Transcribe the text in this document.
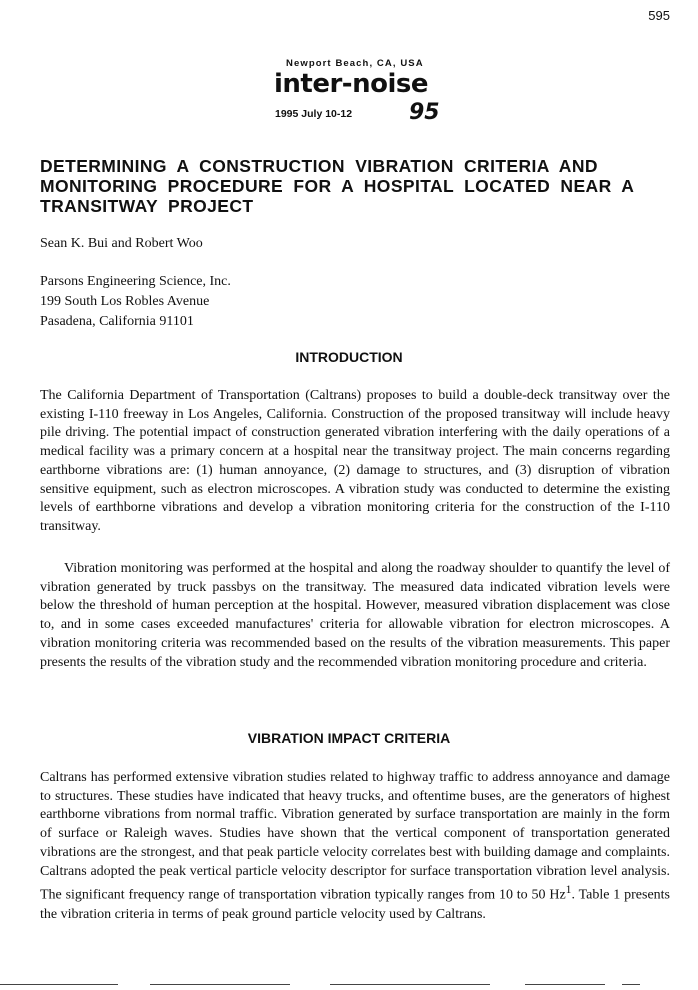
595
Newport Beach, CA, USA
inter-noise
1995 July 10-12	95
DETERMINING A CONSTRUCTION VIBRATION CRITERIA AND MONITORING PROCEDURE FOR A HOSPITAL LOCATED NEAR A TRANSITWAY PROJECT
Sean K. Bui and Robert Woo
Parsons Engineering Science, Inc.
199 South Los Robles Avenue
Pasadena, California 91101
INTRODUCTION

The California Department of Transportation (Caltrans) proposes to build a double-deck transitway over the existing I-110 freeway in Los Angeles, California. Construction of the proposed transitway will include heavy pile driving. The potential impact of construction generated vibration interfering with the daily operations of a medical facility was a primary concern at a hospital near the transitway project. The main concerns regarding earthborne vibrations are: (1) human annoyance, (2) damage to structures, and (3) disruption of vibration sensitive equipment, such as electron microscopes. A vibration study was conducted to determine the existing levels of earthborne vibrations and develop a vibration monitoring criteria for the construction of the I-110 transitway.

Vibration monitoring was performed at the hospital and along the roadway shoulder to quantify the level of vibration generated by truck passbys on the transitway. The measured data indicated vibration levels were below the threshold of human perception at the hospital. However, measured vibration displacement was close to, and in some cases exceeded manufactures' criteria for allowable vibration for electron microscopes. A vibration monitoring criteria was recommended based on the results of the vibration measurements. This paper presents the results of the vibration study and the recommended vibration monitoring procedure and criteria.

VIBRATION IMPACT CRITERIA

Caltrans has performed extensive vibration studies related to highway traffic to address annoyance and damage to structures. These studies have indicated that heavy trucks, and oftentime buses, are the generators of highest earthborne vibrations from normal traffic. Vibration generated by surface transportation are mainly in the form of surface or Raleigh waves. Studies have shown that the vertical component of transportation generated vibrations are the strongest, and that peak particle velocity correlates best with building damage and complaints. Caltrans adopted the peak vertical particle velocity descriptor for surface transportation vibration level analysis. The significant frequency range of transportation vibration typically ranges from 10 to 50 Hz$^1$. Table 1 presents the vibration criteria in terms of peak ground particle velocity used by Caltrans.
